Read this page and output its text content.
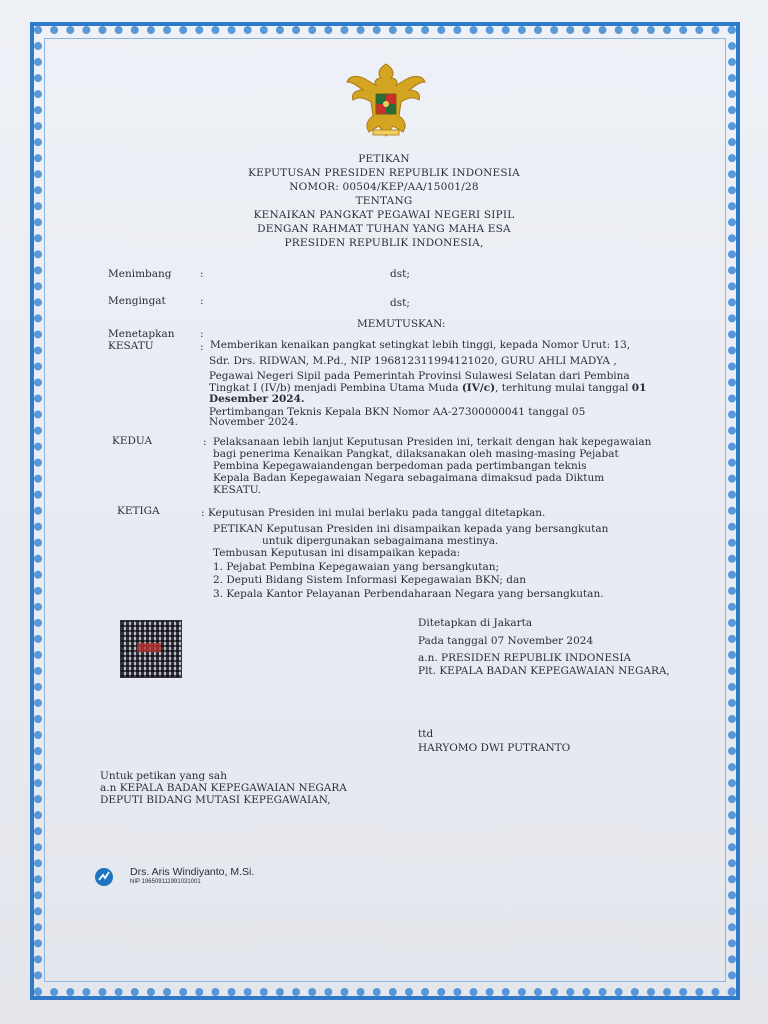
PETIKAN
KEPUTUSAN PRESIDEN REPUBLIK INDONESIA
NOMOR: 00504/KEP/AA/15001/28
TENTANG
KENAIKAN PANGKAT PEGAWAI NEGERI SIPIL
DENGAN RAHMAT TUHAN YANG MAHA ESA
PRESIDEN REPUBLIK INDONESIA,
Menimbang	:	dst;
Mengingat	:	dst;
MEMUTUSKAN:
Menetapkan :
KESATU	: Memberikan kenaikan pangkat setingkat lebih tinggi, kepada Nomor Urut: 13,
Sdr. Drs. RIDWAN, M.Pd., NIP 196812311994121020, GURU AHLI MADYA ,
Pegawai Negeri Sipil pada Pemerintah Provinsi Sulawesi Selatan dari Pembina
Tingkat I (IV/b) menjadi Pembina Utama Muda (IV/c), terhitung mulai tanggal 01
Desember 2024.
Pertimbangan Teknis Kepala BKN Nomor AA-27300000041 tanggal 05
November 2024.
KEDUA	: Pelaksanaan lebih lanjut Keputusan Presiden ini, terkait dengan hak kepegawaian
bagi penerima Kenaikan Pangkat, dilaksanakan oleh masing-masing Pejabat
Pembina Kepegawaiandengan berpedoman pada pertimbangan teknis
Kepala Badan Kepegawaian Negara sebagaimana dimaksud pada Diktum
KESATU.
KETIGA	: Keputusan Presiden ini mulai berlaku pada tanggal ditetapkan.
PETIKAN Keputusan Presiden ini disampaikan kepada yang bersangkutan
untuk dipergunakan sebagaimana mestinya.
Tembusan Keputusan ini disampaikan kepada:
1. Pejabat Pembina Kepegawaian yang bersangkutan;
2. Deputi Bidang Sistem Informasi Kepegawaian BKN; dan
3. Kepala Kantor Pelayanan Perbendaharaan Negara yang bersangkutan.
Ditetapkan di Jakarta
Pada tanggal 07 November 2024
a.n. PRESIDEN REPUBLIK INDONESIA
Plt. KEPALA BADAN KEPEGAWAIAN NEGARA,
ttd
HARYOMO DWI PUTRANTO
Untuk petikan yang sah
a.n KEPALA BADAN KEPEGAWAIAN NEGARA
DEPUTI BIDANG MUTASI KEPEGAWAIAN,
Drs. Aris Windiyanto, M.Si.
NIP 196509111991031001
